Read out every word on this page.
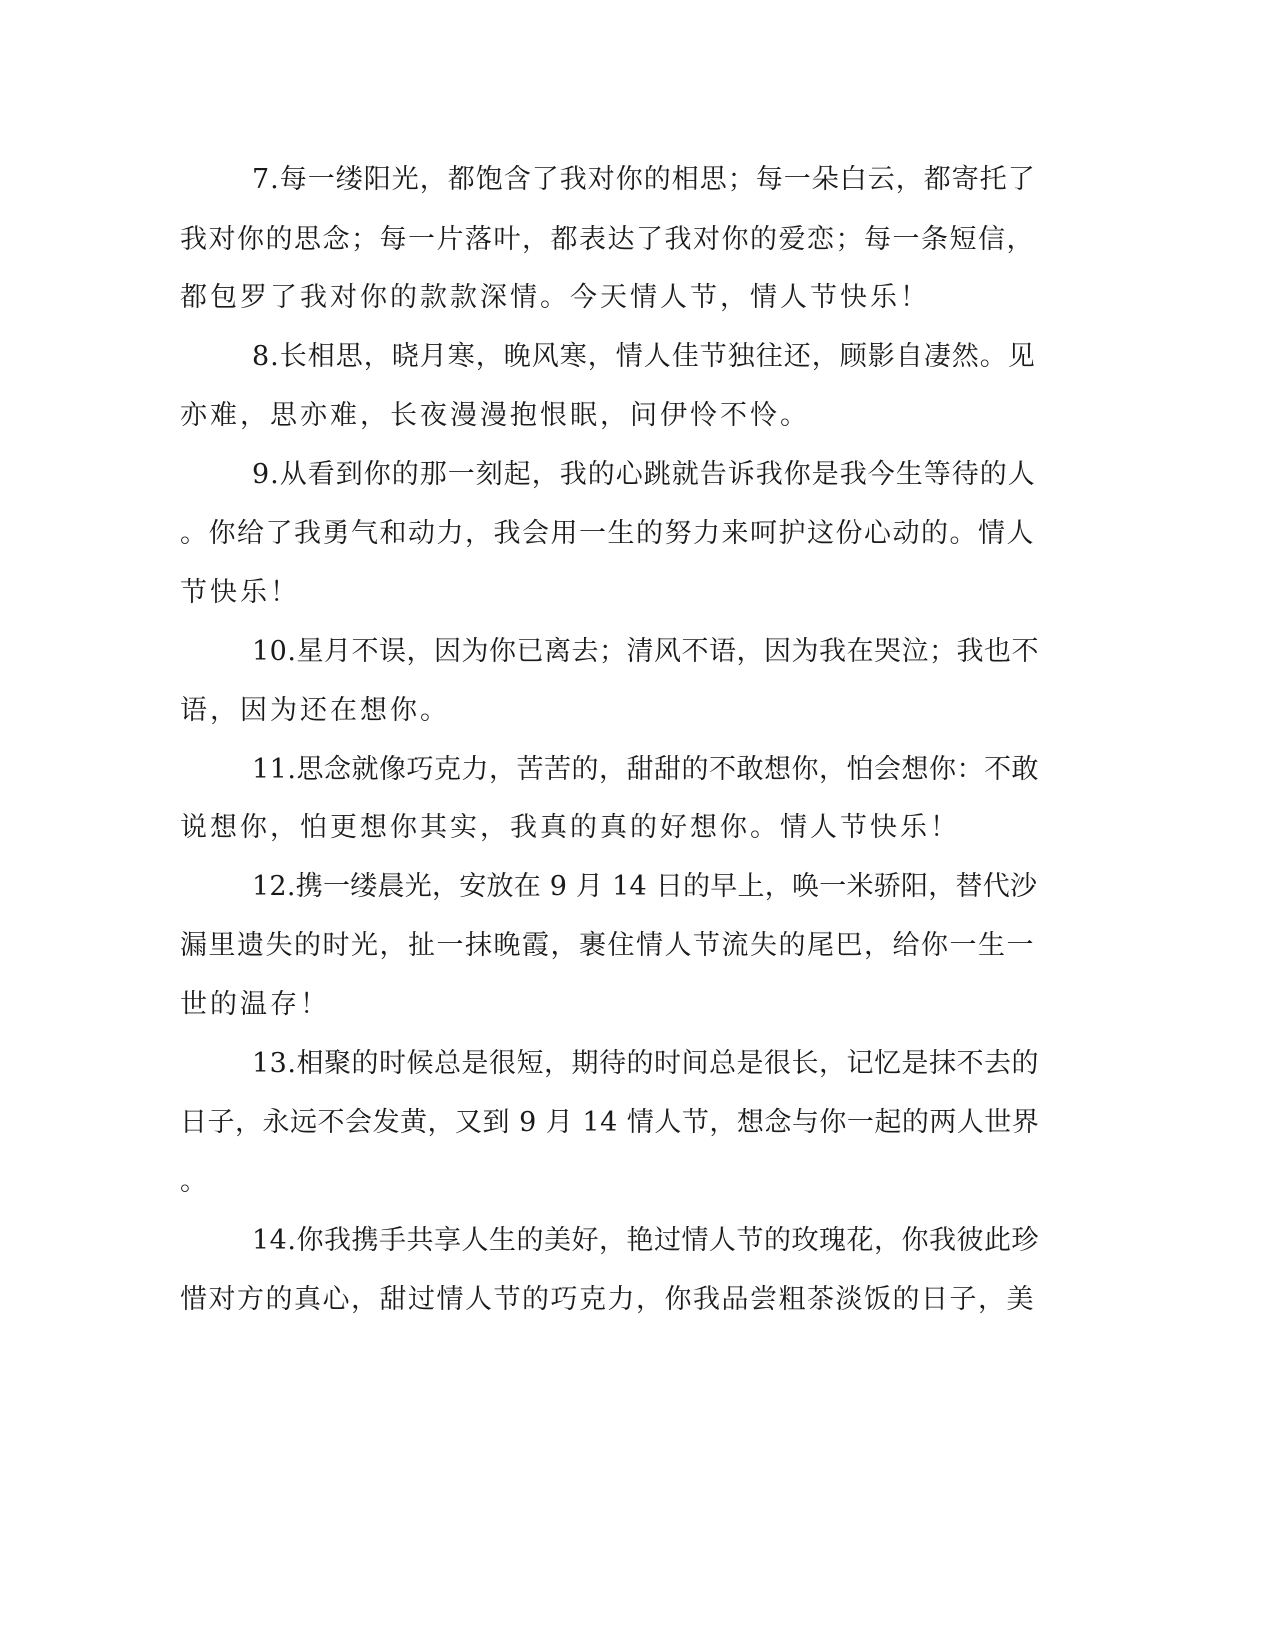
7.每一缕阳光，都饱含了我对你的相思；每一朵白云，都寄托了
我对你的思念；每一片落叶，都表达了我对你的爱恋；每一条短信，
都包罗了我对你的款款深情。今天情人节，情人节快乐！
8.长相思，晓月寒，晚风寒，情人佳节独往还，顾影自凄然。见
亦难，思亦难，长夜漫漫抱恨眠，问伊怜不怜。
9.从看到你的那一刻起，我的心跳就告诉我你是我今生等待的人
。你给了我勇气和动力，我会用一生的努力来呵护这份心动的。情人
节快乐！
10.星月不误，因为你已离去；清风不语，因为我在哭泣；我也不
语，因为还在想你。
11.思念就像巧克力，苦苦的，甜甜的不敢想你，怕会想你：不敢
说想你，怕更想你其实，我真的真的好想你。情人节快乐！
12.携一缕晨光，安放在 9 月 14 日的早上，唤一米骄阳，替代沙
漏里遗失的时光，扯一抹晚霞，裹住情人节流失的尾巴，给你一生一
世的温存！
13.相聚的时候总是很短，期待的时间总是很长，记忆是抹不去的
日子，永远不会发黄，又到 9 月 14 情人节，想念与你一起的两人世界
。
14.你我携手共享人生的美好，艳过情人节的玫瑰花，你我彼此珍
惜对方的真心，甜过情人节的巧克力，你我品尝粗茶淡饭的日子，美
